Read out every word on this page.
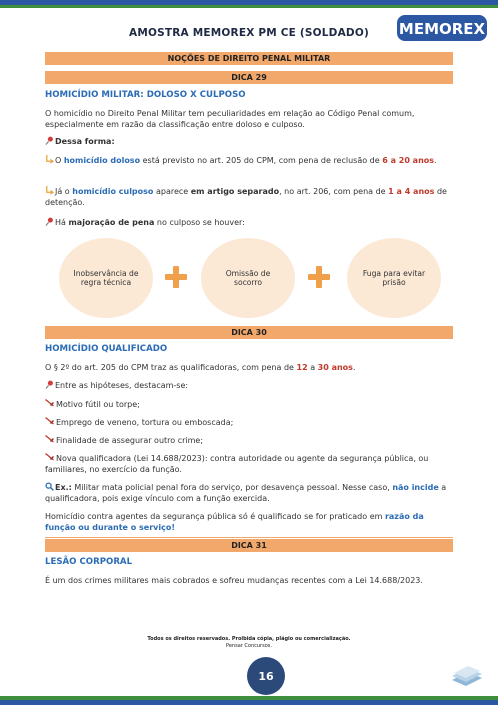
AMOSTRA MEMOREX PM CE (SOLDADO)	MEMOREX
NOÇÕES DE DIREITO PENAL MILITAR
DICA 29
HOMICÍDIO MILITAR: DOLOSO X CULPOSO
O homicídio no Direito Penal Militar tem peculiaridades em relação ao Código Penal comum, especialmente em razão da classificação entre doloso e culposo.
Dessa forma:
O homicídio doloso está previsto no art. 205 do CPM, com pena de reclusão de 6 a 20 anos.
Já o homicídio culposo aparece em artigo separado, no art. 206, com pena de 1 a 4 anos de detenção.
Há majoração de pena no culposo se houver:
Inobservância de regra técnica
Omissão de socorro
Fuga para evitar prisão
DICA 30
HOMICÍDIO QUALIFICADO
O § 2º do art. 205 do CPM traz as qualificadoras, com pena de 12 a 30 anos.
Entre as hipóteses, destacam-se:
Motivo fútil ou torpe;
Emprego de veneno, tortura ou emboscada;
Finalidade de assegurar outro crime;
Nova qualificadora (Lei 14.688/2023): contra autoridade ou agente da segurança pública, ou familiares, no exercício da função.
Ex.: Militar mata policial penal fora do serviço, por desavença pessoal. Nesse caso, não incide a qualificadora, pois exige vínculo com a função exercida.
Homicídio contra agentes da segurança pública só é qualificado se for praticado em razão da função ou durante o serviço!
DICA 31
LESÃO CORPORAL
É um dos crimes militares mais cobrados e sofreu mudanças recentes com a Lei 14.688/2023.
Todos os direitos reservados. Proibida cópia, plágio ou comercialização.
Pensar Concursos.
16
